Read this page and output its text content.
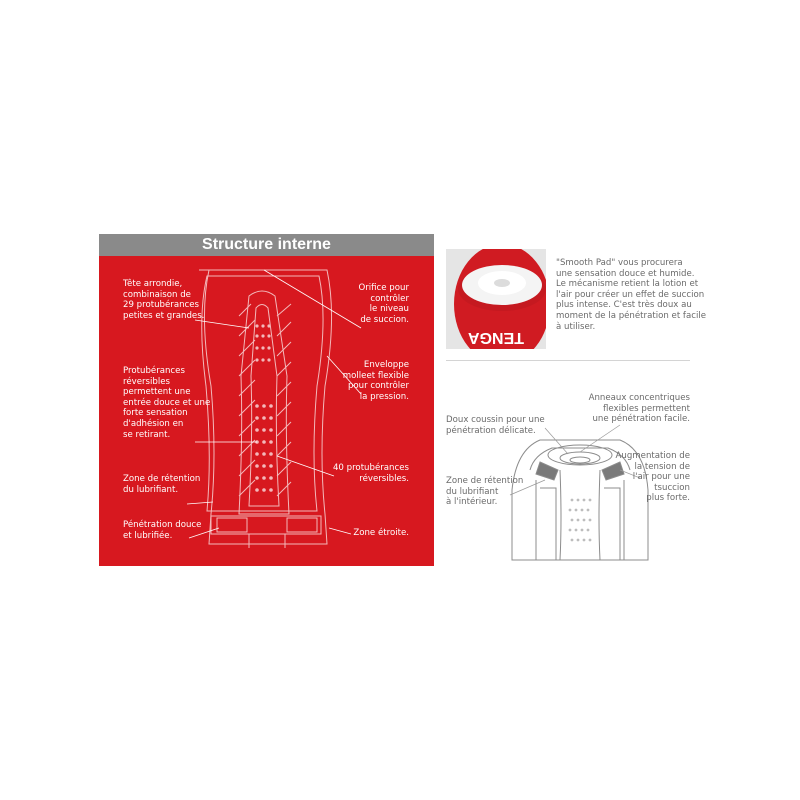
Structure interne
Tête arrondie,
combinaison de
29 protubérances
petites et grandes.
Orifice pour
contrôler
le niveau
de succion.
Protubérances
réversibles
permettent une
entrée douce et une
forte sensation
d'adhésion en
se retirant.
Enveloppe
molleet flexible
pour contrôler
la pression.
40 protubérances
réversibles.
Zone de rétention
du lubrifiant.
Pénétration douce
et lubrifiée.	Zone étroite.
TENGA
"Smooth Pad" vous procurera
une sensation douce et humide.
Le mécanisme retient la lotion et
l'air pour créer un effet de succion
plus intense. C'est très doux au
moment de la pénétration et facile
à utiliser.
Anneaux concentriques
flexibles permettent
une pénétration facile.
Doux coussin pour une
pénétration délicate.
Augmentation de
la tension de
l'air pour une
tsuccion
plus forte.
Zone de rétention
du lubrifiant
à l'intérieur.
